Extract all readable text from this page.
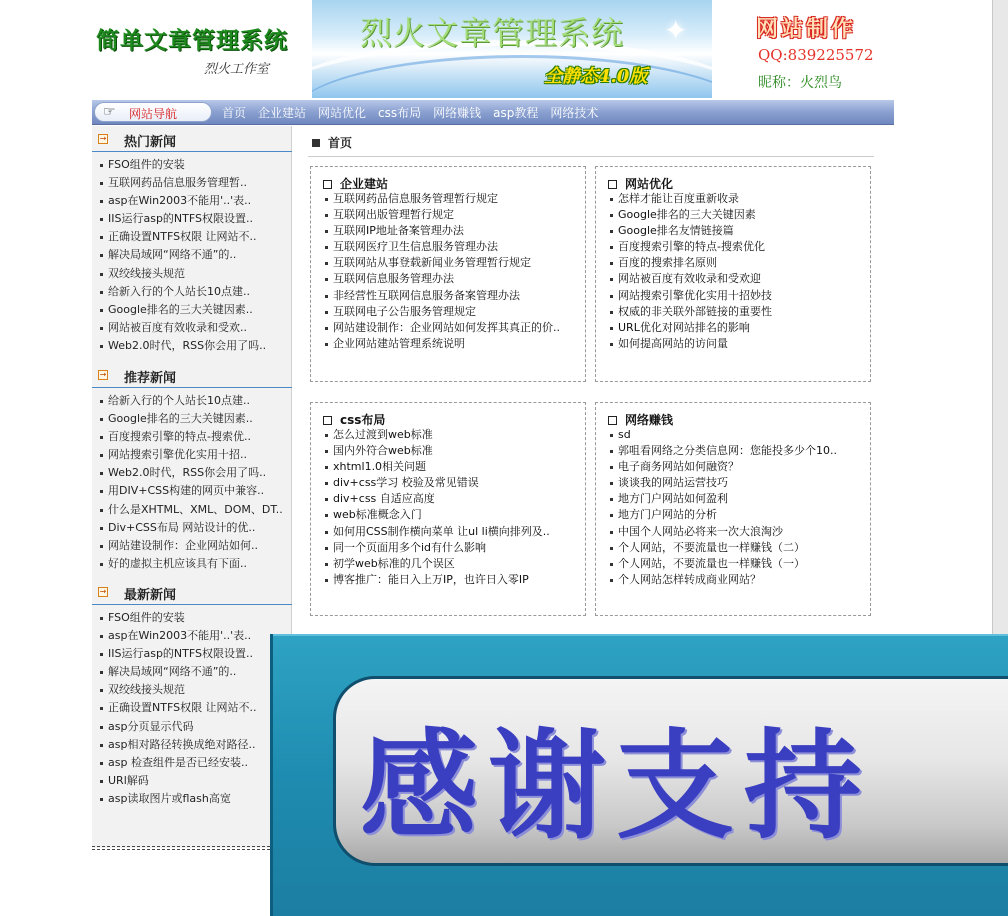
简单文章管理系统
烈火工作室
烈火文章管理系统 ✦
全静态4.0版
网站制作
QQ:839225572
昵称：火烈鸟
☞ 网站导航	首页 企业建站 网站优化 css布局 网络赚钱 asp教程 网络技术
→ 热门新闻
FSO组件的安装
互联网药品信息服务管理暂..
asp在Win2003不能用'..'表..
IIS运行asp的NTFS权限设置..
正确设置NTFS权限 让网站不..
解决局域网“网络不通”的..
双绞线接头规范
给新入行的个人站长10点建..
Google排名的三大关键因素..
网站被百度有效收录和受欢..
Web2.0时代，RSS你会用了吗..
→ 推荐新闻
给新入行的个人站长10点建..
Google排名的三大关键因素..
百度搜索引擎的特点-搜索优..
网站搜索引擎优化实用十招..
Web2.0时代，RSS你会用了吗..
用DIV+CSS构建的网页中兼容..
什么是XHTML、XML、DOM、DT..
Div+CSS布局 网站设计的优..
网站建设制作：企业网站如何..
好的虚拟主机应该具有下面..
→ 最新新闻
FSO组件的安装
asp在Win2003不能用'..'表..
IIS运行asp的NTFS权限设置..
解决局域网“网络不通”的..
双绞线接头规范
正确设置NTFS权限 让网站不..
asp分页显示代码
asp相对路径转换成绝对路径..
asp 检查组件是否已经安装..
URl解码
asp读取图片或flash高宽
首页
企业建站
互联网药品信息服务管理暂行规定
互联网出版管理暂行规定
互联网IP地址备案管理办法
互联网医疗卫生信息服务管理办法
互联网站从事登载新闻业务管理暂行规定
互联网信息服务管理办法
非经营性互联网信息服务备案管理办法
互联网电子公告服务管理规定
网站建设制作：企业网站如何发挥其真正的价..
企业网站建站管理系统说明
网站优化
怎样才能让百度重新收录
Google排名的三大关键因素
Google排名友情链接篇
百度搜索引擎的特点-搜索优化
百度的搜索排名原则
网站被百度有效收录和受欢迎
网站搜索引擎优化实用十招妙技
权威的非关联外部链接的重要性
URL优化对网站排名的影响
如何提高网站的访问量
css布局
怎么过渡到web标准
国内外符合web标准
xhtml1.0相关问题
div+css学习 校验及常见错误
div+css 自适应高度
web标准概念入门
如何用CSS制作横向菜单 让ul li横向排列及..
同一个页面用多个id有什么影响
初学web标准的几个误区
博客推广：能日入上万IP，也许日入零IP
网络赚钱
sd
郭咀看网络之分类信息网：您能投多少个10..
电子商务网站如何融资？
谈谈我的网站运营技巧
地方门户网站如何盈利
地方门户网站的分析
中国个人网站必将来一次大浪淘沙
个人网站，不要流量也一样赚钱（二）
个人网站，不要流量也一样赚钱（一）
个人网站怎样转成商业网站？
感谢支持
